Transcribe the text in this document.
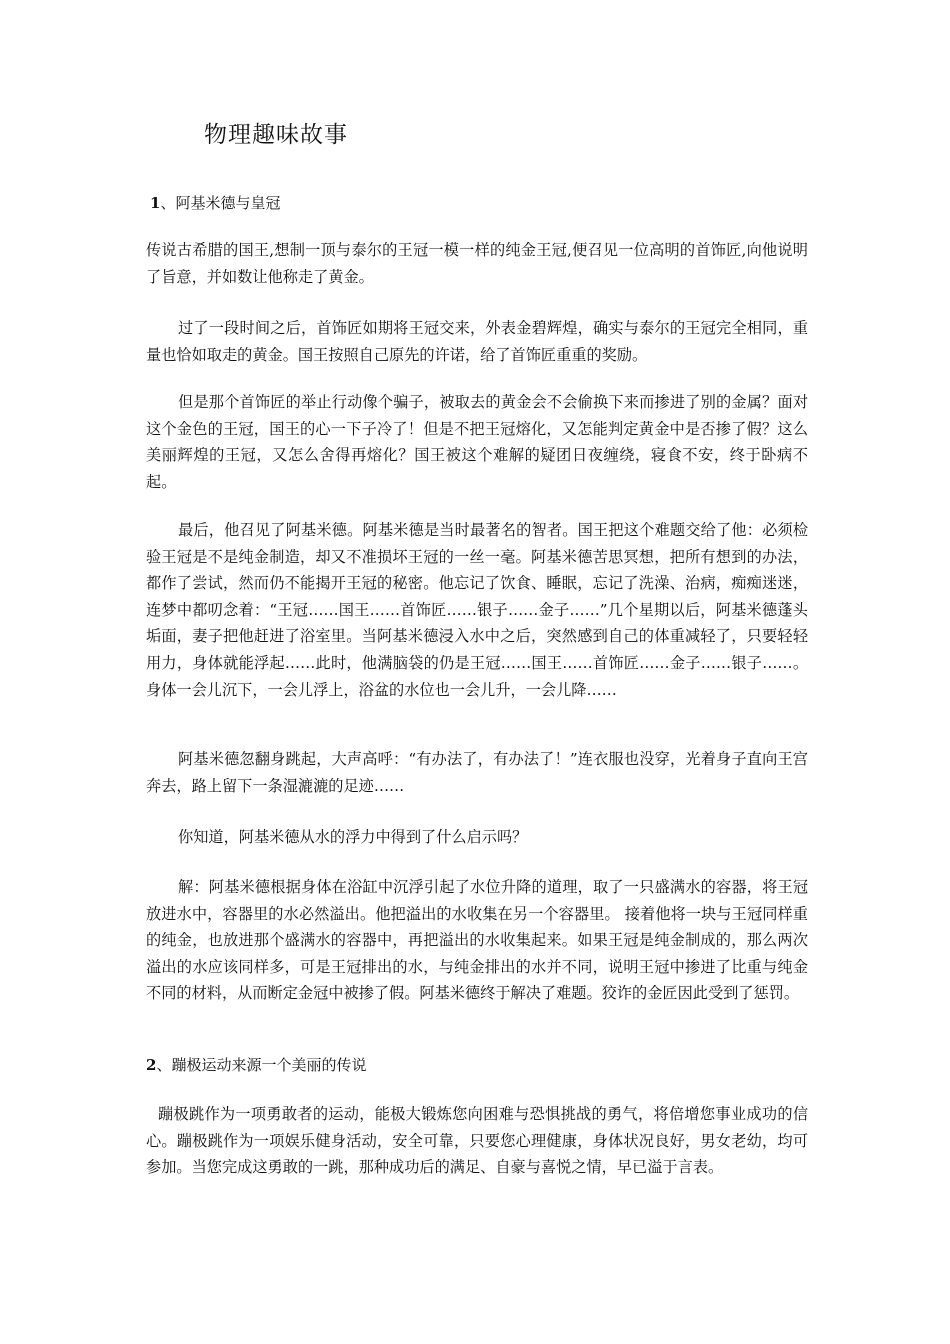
物理趣味故事
1、阿基米德与皇冠

传说古希腊的国王,想制一顶与泰尔的王冠一模一样的纯金王冠,便召见一位高明的首饰匠,向他说明了旨意，并如数让他称走了黄金。

过了一段时间之后，首饰匠如期将王冠交来，外表金碧辉煌，确实与泰尔的王冠完全相同，重量也恰如取走的黄金。国王按照自己原先的许诺，给了首饰匠重重的奖励。

但是那个首饰匠的举止行动像个骗子，被取去的黄金会不会偷换下来而掺进了别的金属？面对这个金色的王冠，国王的心一下子冷了！但是不把王冠熔化，又怎能判定黄金中是否掺了假？这么美丽辉煌的王冠，又怎么舍得再熔化？国王被这个难解的疑团日夜缠绕，寝食不安，终于卧病不起。

最后，他召见了阿基米德。阿基米德是当时最著名的智者。国王把这个难题交给了他：必须检验王冠是不是纯金制造，却又不准损坏王冠的一丝一毫。阿基米德苦思冥想，把所有想到的办法，都作了尝试，然而仍不能揭开王冠的秘密。他忘记了饮食、睡眠，忘记了洗澡、治病，痴痴迷迷，连梦中都叨念着：“王冠……国王……首饰匠……银子……金子……”几个星期以后，阿基米德蓬头垢面，妻子把他赶进了浴室里。当阿基米德浸入水中之后，突然感到自己的体重减轻了，只要轻轻用力，身体就能浮起……此时，他满脑袋的仍是王冠……国王……首饰匠……金子……银子……。身体一会儿沉下，一会儿浮上，浴盆的水位也一会儿升，一会儿降……

阿基米德忽翻身跳起，大声高呼：“有办法了，有办法了！”连衣服也没穿，光着身子直向王宫奔去，路上留下一条湿漉漉的足迹……

你知道，阿基米德从水的浮力中得到了什么启示吗？

解：阿基米德根据身体在浴缸中沉浮引起了水位升降的道理，取了一只盛满水的容器，将王冠放进水中，容器里的水必然溢出。他把溢出的水收集在另一个容器里。 接着他将一块与王冠同样重的纯金，也放进那个盛满水的容器中，再把溢出的水收集起来。如果王冠是纯金制成的，那么两次溢出的水应该同样多，可是王冠排出的水，与纯金排出的水并不同，说明王冠中掺进了比重与纯金不同的材料，从而断定金冠中被掺了假。阿基米德终于解决了难题。狡诈的金匠因此受到了惩罚。

2、蹦极运动来源一个美丽的传说

蹦极跳作为一项勇敢者的运动，能极大锻炼您向困难与恐惧挑战的勇气，将倍增您事业成功的信心。蹦极跳作为一项娱乐健身活动，安全可靠，只要您心理健康，身体状况良好，男女老幼，均可参加。当您完成这勇敢的一跳，那种成功后的满足、自豪与喜悦之情，早已溢于言表。
